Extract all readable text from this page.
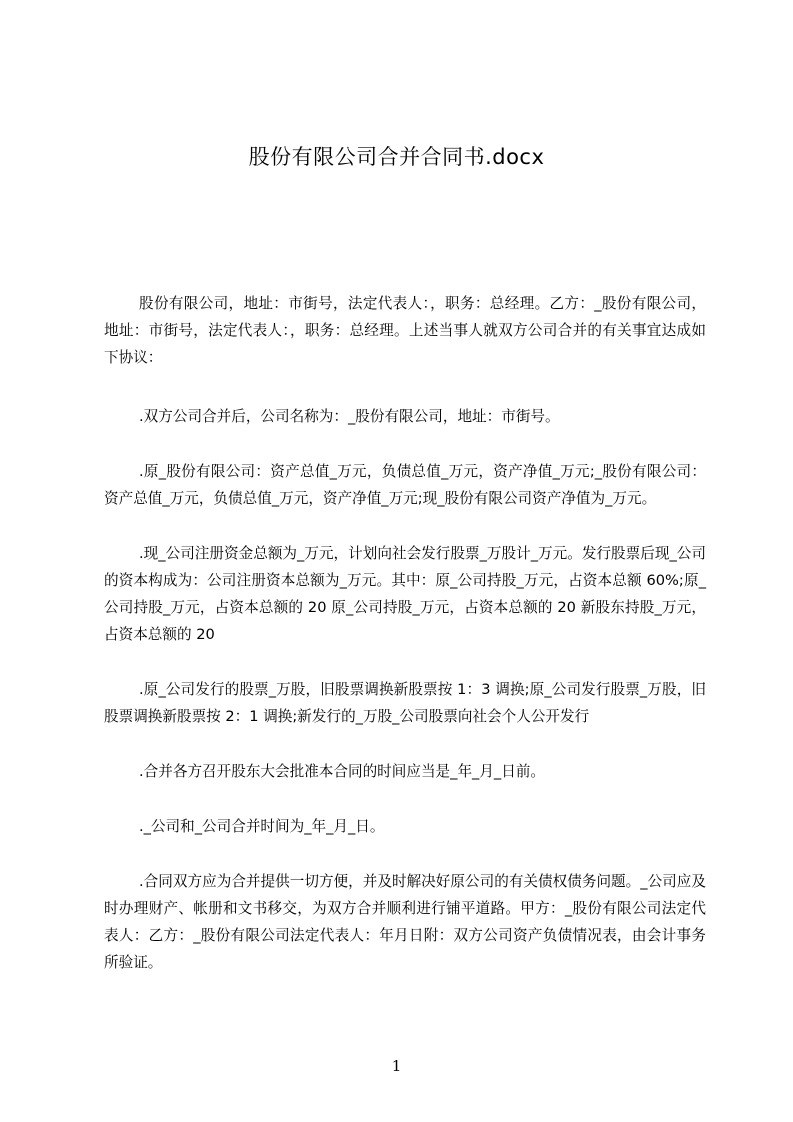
股份有限公司合并合同书.docx

股份有限公司，地址：市街号，法定代表人：，职务：总经理。乙方：_股份有限公司，地址：市街号，法定代表人：，职务：总经理。上述当事人就双方公司合并的有关事宜达成如下协议：

.双方公司合并后，公司名称为：_股份有限公司，地址：市街号。

.原_股份有限公司：资产总值_万元，负债总值_万元，资产净值_万元;_股份有限公司：资产总值_万元，负债总值_万元，资产净值_万元;现_股份有限公司资产净值为_万元。

.现_公司注册资金总额为_万元，计划向社会发行股票_万股计_万元。发行股票后现_公司的资本构成为：公司注册资本总额为_万元。其中：原_公司持股_万元，占资本总额 60%;原_公司持股_万元，占资本总额的 20 原_公司持股_万元，占资本总额的 20 新股东持股_万元，占资本总额的 20

.原_公司发行的股票_万股，旧股票调换新股票按 1：3 调换;原_公司发行股票_万股，旧股票调换新股票按 2：1 调换;新发行的_万股_公司股票向社会个人公开发行

.合并各方召开股东大会批准本合同的时间应当是_年_月_日前。

._公司和_公司合并时间为_年_月_日。

.合同双方应为合并提供一切方便，并及时解决好原公司的有关债权债务问题。_公司应及时办理财产、帐册和文书移交，为双方合并顺利进行铺平道路。甲方：_股份有限公司法定代表人：乙方：_股份有限公司法定代表人：年月日附：双方公司资产负债情况表，由会计事务所验证。

1
